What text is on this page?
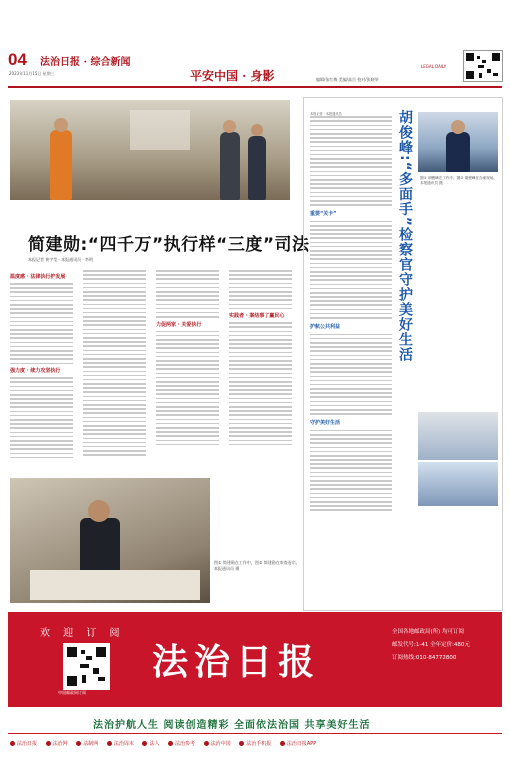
04 法治日报 · 综合新闻
2023年11月15日 星期三	平安中国 · 身影	编辑/张红梅 美编/高岳 校对/张晓华
LEGAL DAILY
简建勋:“四千万”执行样“三度”司法
本报记者 黄宇莹 · 本报通讯员 · 李明
温度感 · 法律执行护发展
强力度 · 续力攻坚执行
力促两家 · 关爱执行
实践者 · 案结事了赢民心
图① 简建勋在工作中。图② 简建勋在审查卷宗。本报通讯员 摄
胡俊峰:“多面手”检察官守护美好生活	图① 胡俊峰在工作中。图② 胡俊峰在办案现场。本报通讯员 摄
本报记者 · 本报通讯员
重要“关卡”
护航公共利益
守护美好生活
欢 迎 订 阅
中国邮政网订阅
法治日报
全国各地邮政局(所) 均可订阅
邮发代号:1-41 全年定价:480元
订阅热线:010-84772800
法治护航人生 阅读创造精彩 全面依法治国 共享美好生活
法治日报	法治网	法制网	法治周末	法人	法治参考	法治中国	法治手机报	法治日报APP
